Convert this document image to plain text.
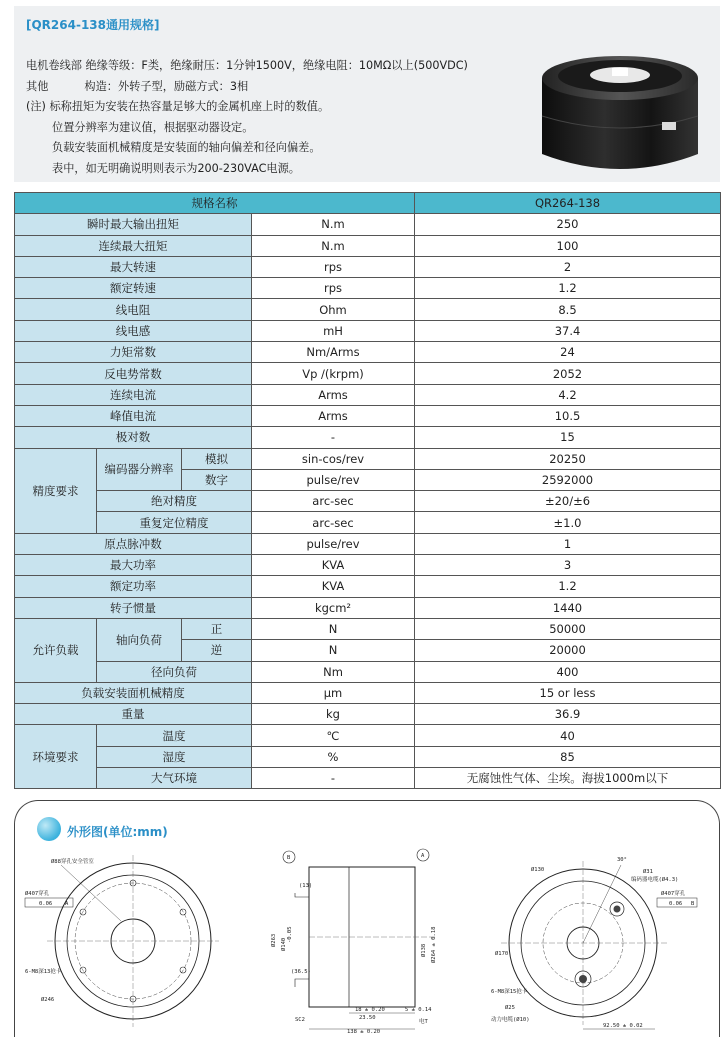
[QR264-138通用规格]
电机卷线部 绝缘等级：F类，绝缘耐压：1分钟1500V，绝缘电阻：10MΩ以上(500VDC)
其他	构造：外转子型，励磁方式：3相
(注) 标称扭矩为安装在热容量足够大的金属机座上时的数值。
位置分辨率为建议值，根据驱动器设定。
负载安装面机械精度是安装面的轴向偏差和径向偏差。
表中，如无明确说明则表示为200-230VAC电源。
规格名称				QR264-138
瞬时最大输出扭矩			N.m	250
连续最大扭矩			N.m	100
最大转速			rps	2
额定转速			rps	1.2
线电阻			Ohm	8.5
线电感			mH	37.4
力矩常数			Nm/Arms	24
反电势常数			Vp /(krpm)	2052
连续电流			Arms	4.2
峰值电流			Arms	10.5
极对数			-	15
精度要求	编码器分辨率	模拟	sin-cos/rev	20250
		数字	pulse/rev	2592000
	绝对精度		arc-sec	±20/±6
	重复定位精度		arc-sec	±1.0
原点脉冲数			pulse/rev	1
最大功率			KVA	3
额定功率			KVA	1.2
转子惯量			kgcm²	1440
允许负载	轴向负荷	正	N	50000
		逆	N	20000
	径向负荷		Nm	400
负载安装面机械精度			μm	15 or less
重量			kg	36.9
环境要求	温度		℃	40
	湿度		%	85
	大气环境		-	无腐蚀性气体、尘埃。海拔1000m以下
外形图(单位:mm)
Ø88穿孔安全管室
Ø407穿孔
0.06 A
6-M8深13抢卡
Ø246
B	A
(13)
Ø263 Ø140
-0.05
Ø138 Ø264 ± 0.18
(36.5)
18 ± 0.20
23.50
5 ± 0.14
138 ± 0.20
SC2	电T
Ø130
30°
Ø31
编码器电缆(Ø4.3)
Ø407穿孔
0.06 B
Ø170
6-M8深15抢卡
Ø25
动力电缆(Ø10)
92.50 ± 0.02
